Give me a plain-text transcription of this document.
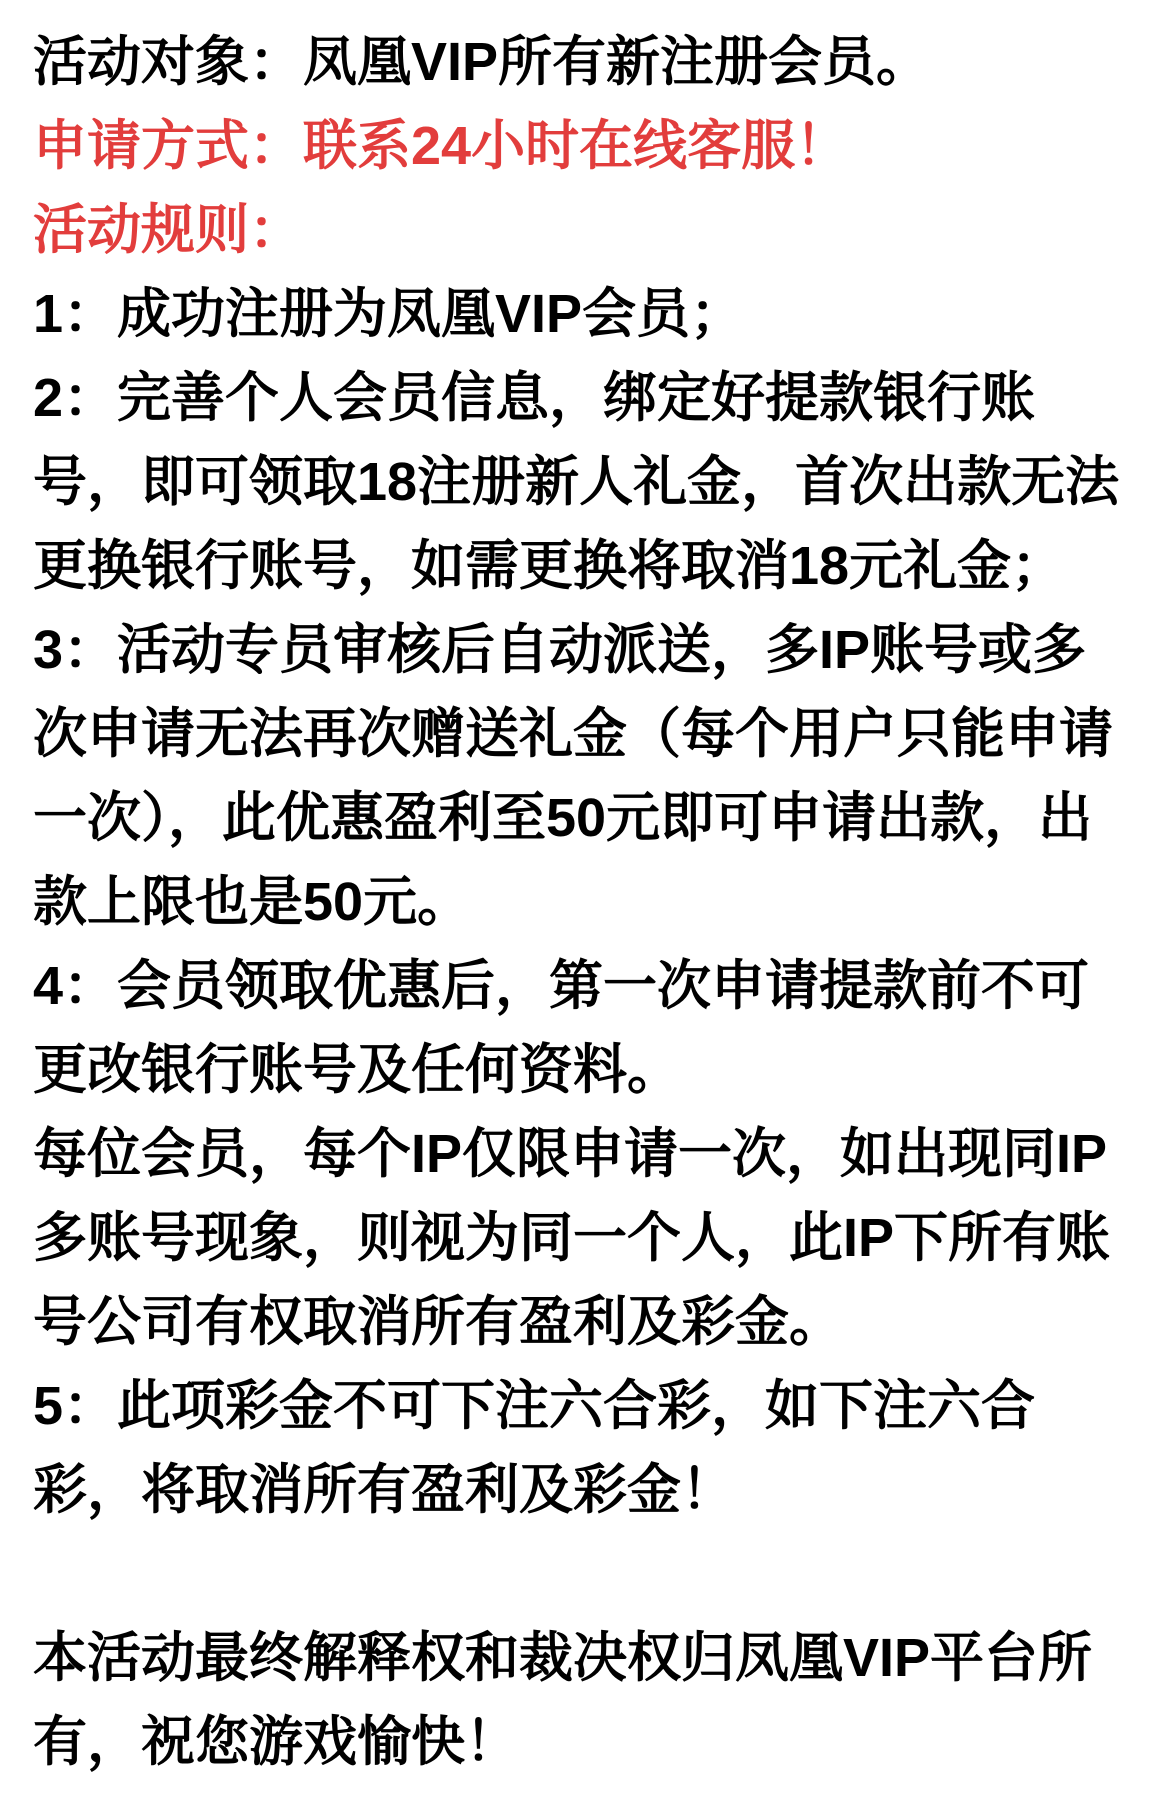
活动对象：凤凰VIP所有新注册会员。
申请方式：联系24小时在线客服！
活动规则：
1：成功注册为凤凰VIP会员；
2：完善个人会员信息，绑定好提款银行账
号，即可领取18注册新人礼金，首次出款无法
更换银行账号，如需更换将取消18元礼金；
3：活动专员审核后自动派送，多IP账号或多
次申请无法再次赠送礼金（每个用户只能申请
一次），此优惠盈利至50元即可申请出款，出
款上限也是50元。
4：会员领取优惠后，第一次申请提款前不可
更改银行账号及任何资料。
每位会员，每个IP仅限申请一次，如出现同IP
多账号现象，则视为同一个人，此IP下所有账
号公司有权取消所有盈利及彩金。
5：此项彩金不可下注六合彩，如下注六合
彩，将取消所有盈利及彩金！
本活动最终解释权和裁决权归凤凰VIP平台所
有，祝您游戏愉快！
